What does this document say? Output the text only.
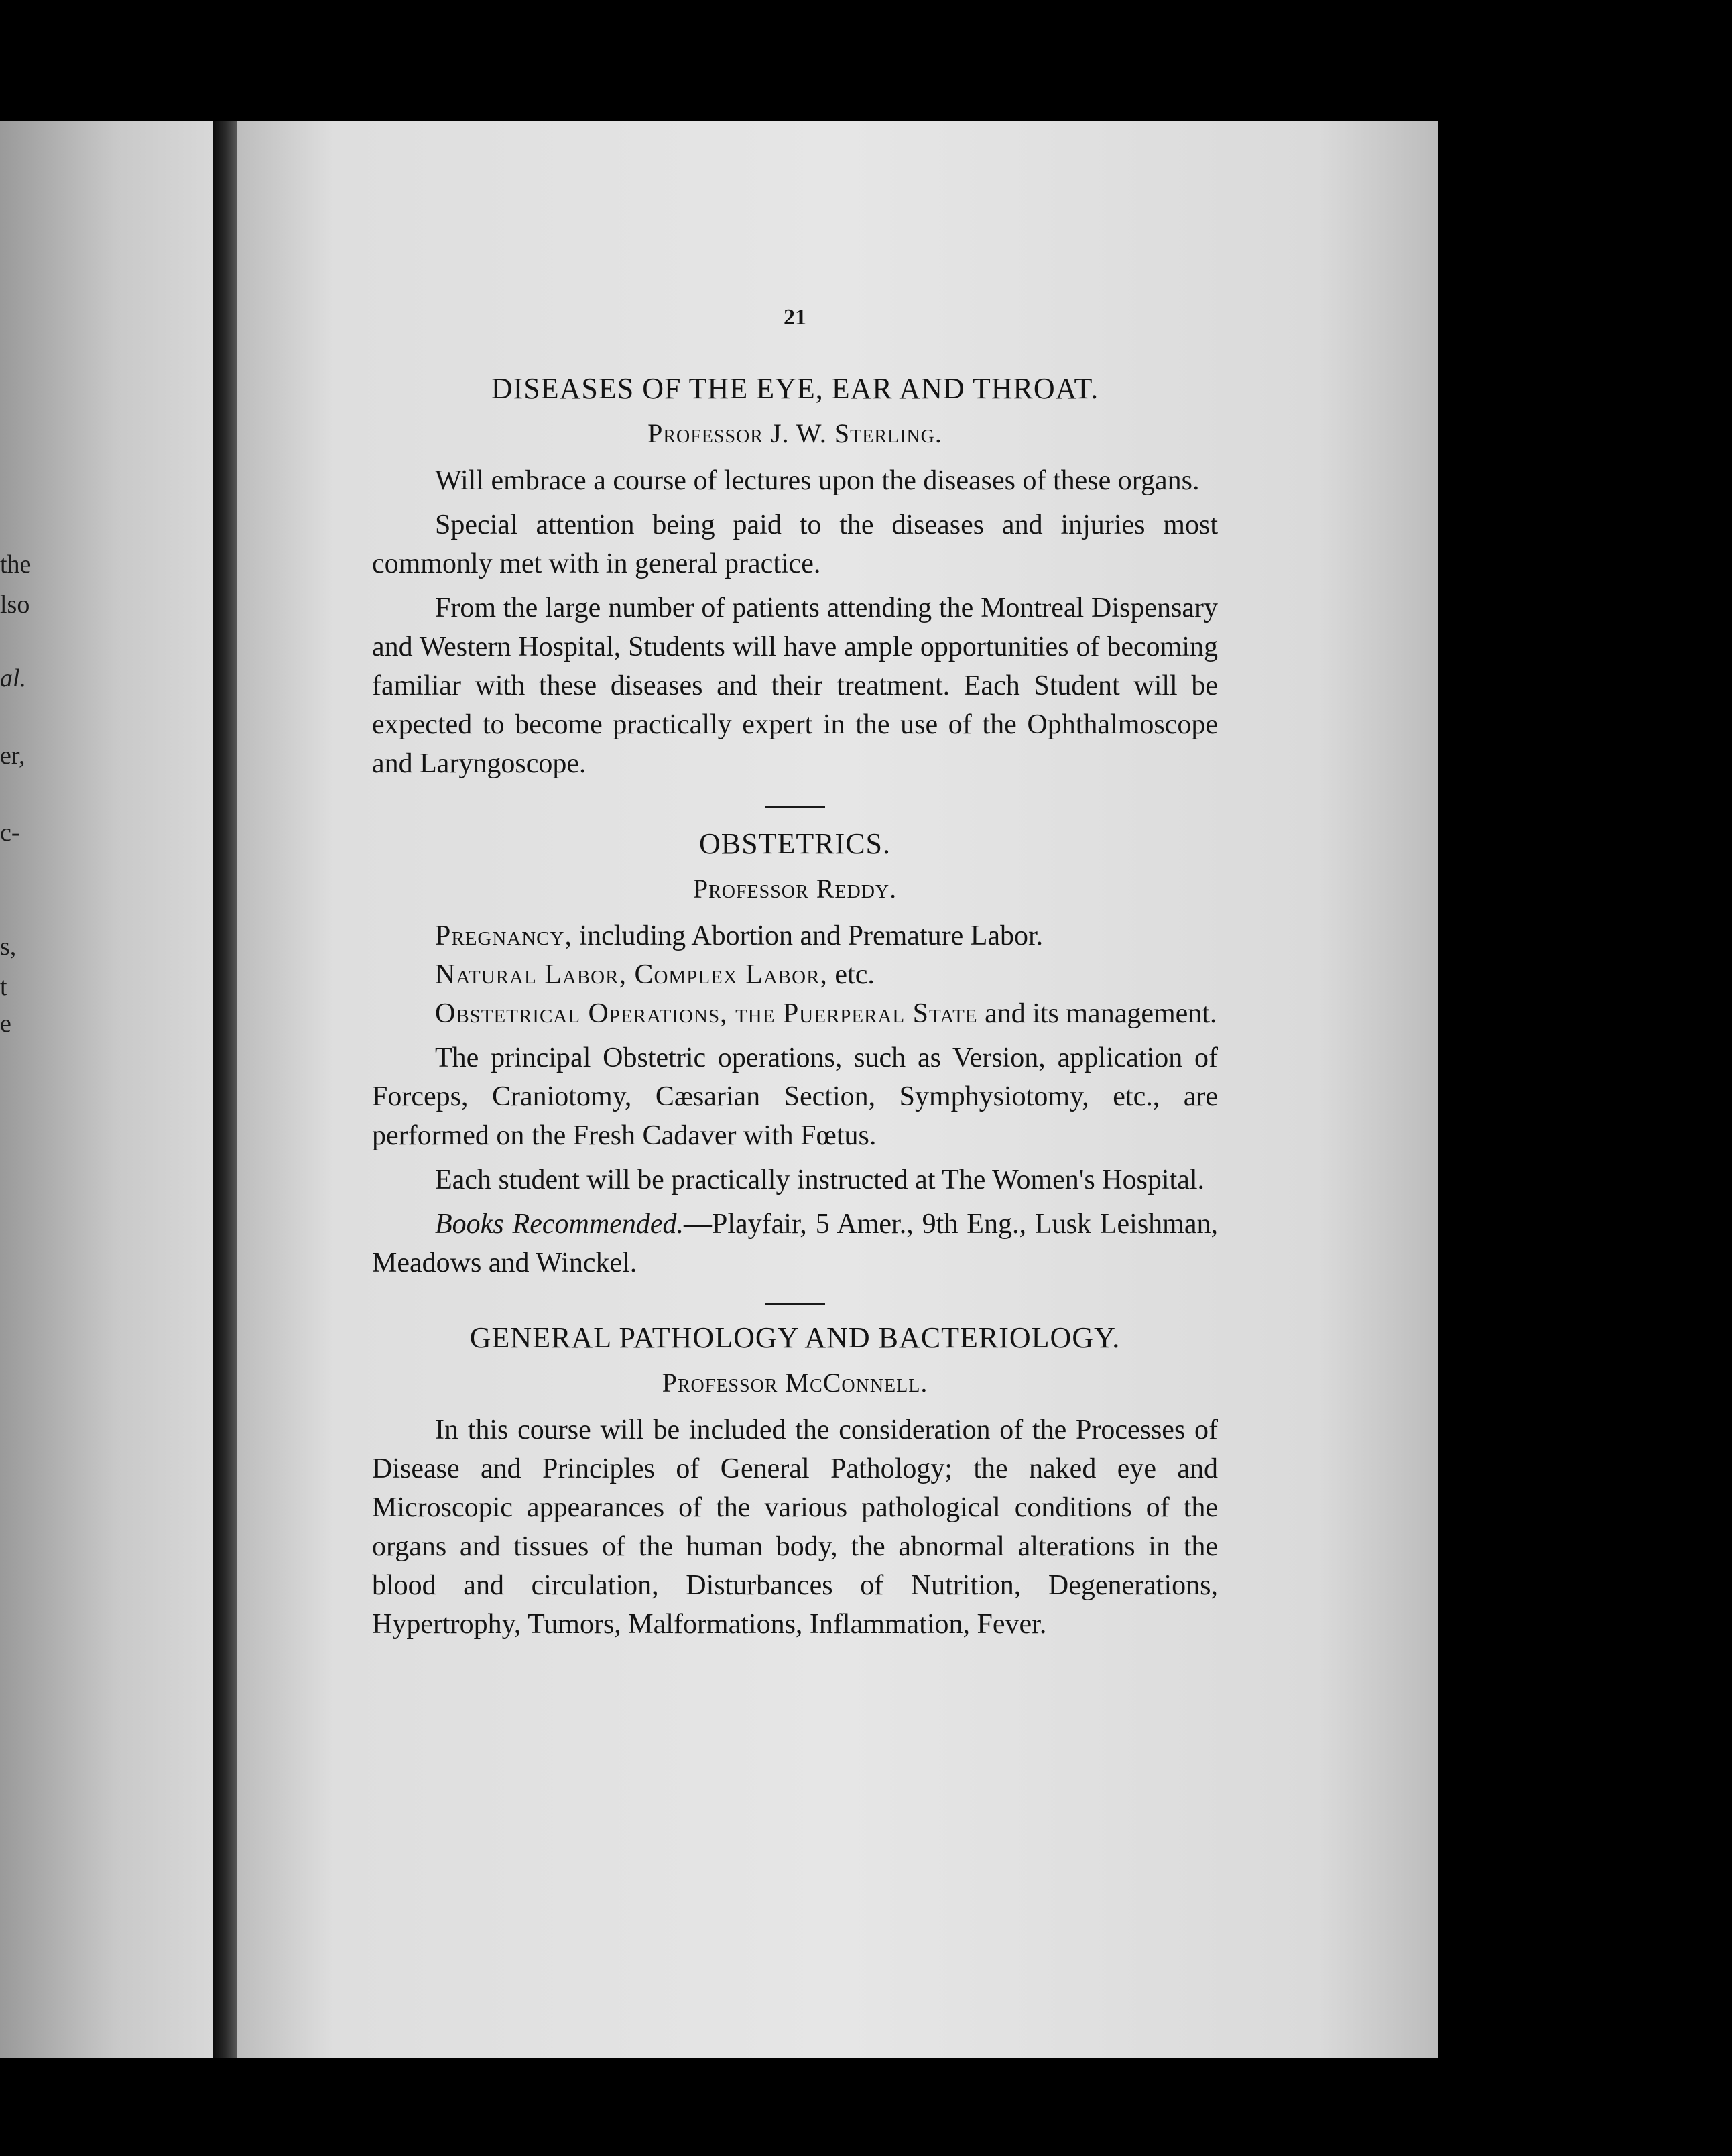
the
lso
al.
er,
c-
s,
t
e
21
DISEASES OF THE EYE, EAR AND THROAT.
Professor J. W. Sterling.

Will embrace a course of lectures upon the diseases of these organs.

Special attention being paid to the diseases and injuries most commonly met with in general practice.

From the large number of patients attending the Montreal Dispensary and Western Hospital, Students will have ample opportunities of becoming familiar with these diseases and their treatment. Each Student will be expected to become practically expert in the use of the Ophthalmoscope and Laryngoscope.

OBSTETRICS.
Professor Reddy.

Pregnancy, including Abortion and Premature Labor.

Natural Labor, Complex Labor, etc.

Obstetrical Operations, the Puerperal State and its management.

The principal Obstetric operations, such as Version, application of Forceps, Craniotomy, Cæsarian Section, Symphysiotomy, etc., are performed on the Fresh Cadaver with Fœtus.

Each student will be practically instructed at The Women's Hospital.

Books Recommended.—Playfair, 5 Amer., 9th Eng., Lusk Leishman, Meadows and Winckel.

GENERAL PATHOLOGY AND BACTERIOLOGY.
Professor McConnell.

In this course will be included the consideration of the Processes of Disease and Principles of General Pathology; the naked eye and Microscopic appearances of the various pathological conditions of the organs and tissues of the human body, the abnormal alterations in the blood and circulation, Disturbances of Nutrition, Degenerations, Hypertrophy, Tumors, Malformations, Inflammation, Fever.
